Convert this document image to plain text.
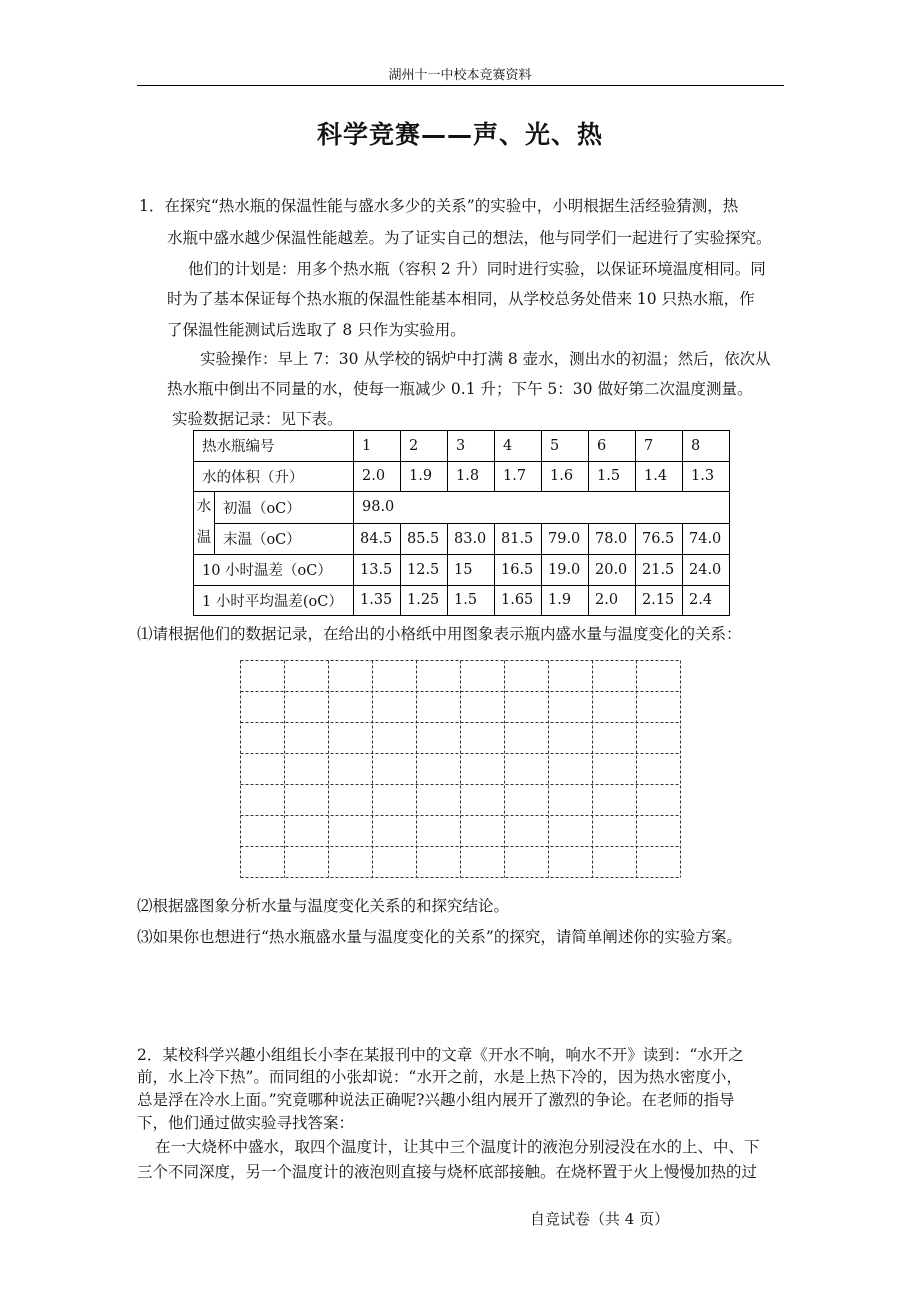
湖州十一中校本竞赛资料
科学竞赛——声、光、热
1．在探究“热水瓶的保温性能与盛水多少的关系”的实验中，小明根据生活经验猜测，热
水瓶中盛水越少保温性能越差。为了证实自己的想法，他与同学们一起进行了实验探究。
他们的计划是：用多个热水瓶（容积 2 升）同时进行实验，以保证环境温度相同。同
时为了基本保证每个热水瓶的保温性能基本相同，从学校总务处借来 10 只热水瓶，作
了保温性能测试后选取了 8 只作为实验用。
实验操作：早上 7：30 从学校的锅炉中打满 8 壶水，测出水的初温；然后，依次从
热水瓶中倒出不同量的水，使每一瓶减少 0.1 升；下午 5：30 做好第二次温度测量。
实验数据记录：见下表。
热水瓶编号		1	2	3	4	5	6	7	8
水的体积（升）		2.0	1.9	1.8	1.7	1.6	1.5	1.4	1.3

水
温	初温（oC）	98.0							
	末温（oC）	84.5	85.5	83.0	81.5	79.0	78.0	76.5	74.0
10 小时温差（oC）		13.5	12.5	15	16.5	19.0	20.0	21.5	24.0
1 小时平均温差(oC）		1.35	1.25	1.5	1.65	1.9	2.0	2.15	2.4
⑴请根据他们的数据记录，在给出的小格纸中用图象表示瓶内盛水量与温度变化的关系：
⑵根据盛图象分析水量与温度变化关系的和探究结论。
⑶如果你也想进行“热水瓶盛水量与温度变化的关系”的探究，请简单阐述你的实验方案。
2．某校科学兴趣小组组长小李在某报刊中的文章《开水不响，响水不开》读到：“水开之
前，水上冷下热”。而同组的小张却说：“水开之前，水是上热下冷的，因为热水密度小，
总是浮在冷水上面。”究竟哪种说法正确呢?兴趣小组内展开了激烈的争论。在老师的指导
下，他们通过做实验寻找答案：
在一大烧杯中盛水，取四个温度计，让其中三个温度计的液泡分别浸没在水的上、中、下
三个不同深度，另一个温度计的液泡则直接与烧杯底部接触。在烧杯置于火上慢慢加热的过
自竞试卷（共 4 页）
